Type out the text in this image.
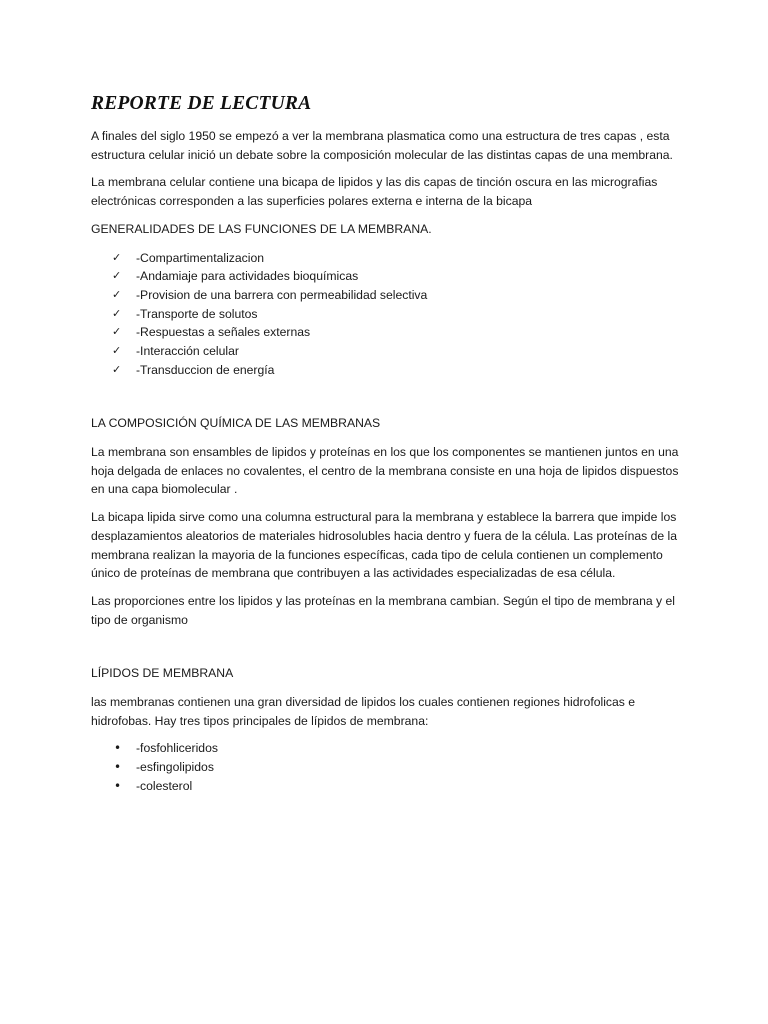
REPORTE DE LECTURA

A finales del siglo 1950 se empezó a ver la membrana plasmatica como una estructura de tres capas , esta estructura celular inició un debate sobre la composición molecular de las distintas capas de una membrana.

La membrana celular contiene una bicapa de lipidos y las dis capas de tinción oscura en las micrografias electrónicas corresponden a las superficies polares externa e interna de la bicapa

GENERALIDADES DE LAS FUNCIONES DE LA MEMBRANA.

✓	-Compartimentalizacion
✓	-Andamiaje para actividades bioquímicas
✓	-Provision de una barrera con permeabilidad selectiva
✓	-Transporte de solutos
✓	-Respuestas a señales externas
✓	-Interacción celular
✓	-Transduccion de energía

LA COMPOSICIÓN QUÍMICA DE LAS MEMBRANAS

La membrana son ensambles de lipidos y proteínas en los que los componentes se mantienen juntos en una hoja delgada de enlaces no covalentes, el centro de la membrana consiste en una hoja de lipidos dispuestos en una capa biomolecular .

La bicapa lipida sirve como una columna estructural para la membrana y establece la barrera que impide los desplazamientos aleatorios de materiales hidrosolubles hacia dentro y fuera de la célula. Las proteínas de la membrana realizan la mayoria de la funciones específicas, cada tipo de celula contienen un complemento único de proteínas de membrana que contribuyen a las actividades especializadas de esa célula.

Las proporciones entre los lipidos y las proteínas en la membrana cambian. Según el tipo de membrana y el tipo de organismo

LÍPIDOS DE MEMBRANA

las membranas contienen una gran diversidad de lipidos los cuales contienen regiones hidrofolicas e hidrofobas. Hay tres tipos principales de lípidos de membrana:

•	-fosfohliceridos
•	-esfingolipidos
•	-colesterol
